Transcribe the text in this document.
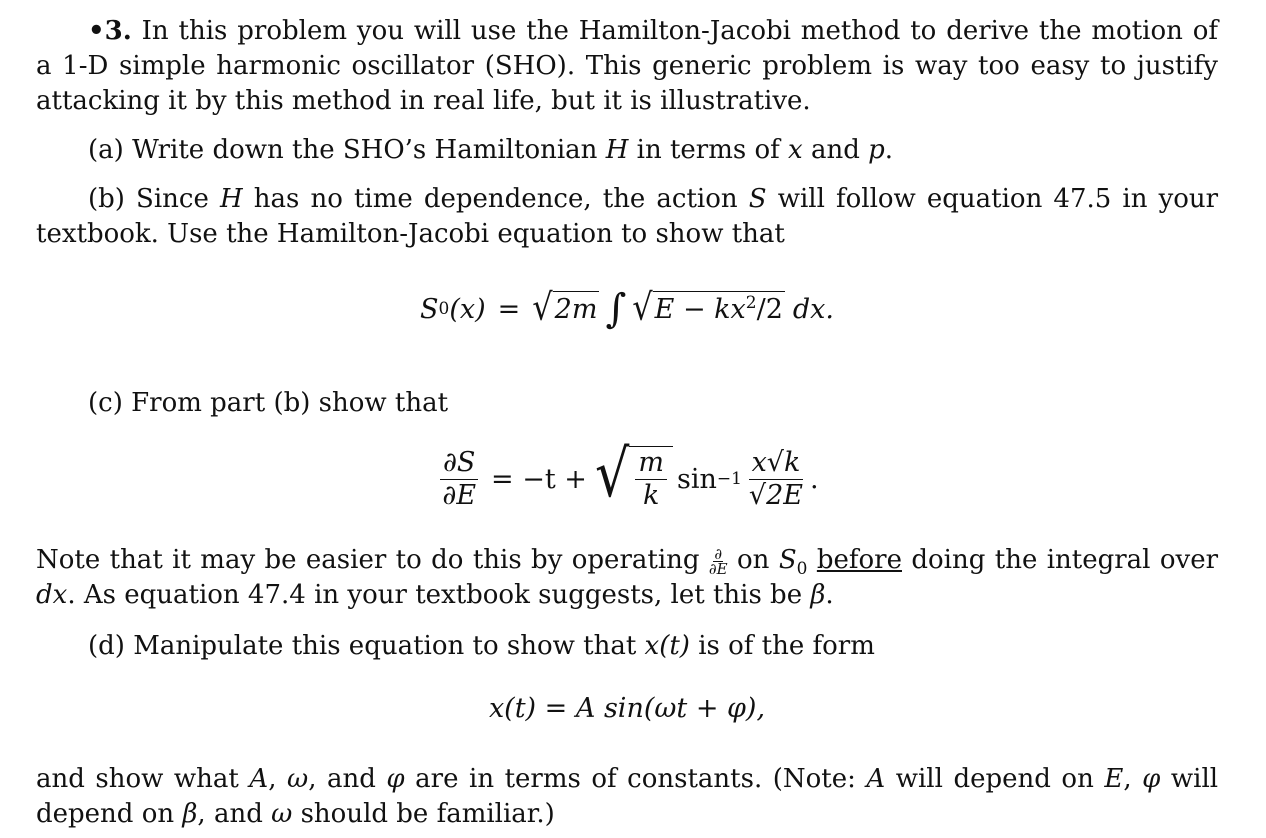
•3. In this problem you will use the Hamilton-Jacobi method to derive the motion of a 1-D simple harmonic oscillator (SHO). This generic problem is way too easy to justify attacking it by this method in real life, but it is illustrative.

(a) Write down the SHO’s Hamiltonian H in terms of x and p.

(b) Since H has no time dependence, the action S will follow equation 47.5 in your textbook. Use the Hamilton-Jacobi equation to show that

S 0 (x) = √ 2m ∫ √ $E - kx^2/2$ dx.

(c) From part (b) show that

$\frac{\partial S}{\partial E} = -t$ + √ $\frac{m}{k}$ $\sin -1 \frac{x√k}{√2E}$ .

Note that it may be easier to do this by operating $\frac{\partial}{\partial E}$ on $S_0$ before doing the integral over dx. As equation 47.4 in your textbook suggests, let this be β.

(d) Manipulate this equation to show that x(t) is of the form

x(t) = A sin(ωt + φ),

and show what A, ω, and φ are in terms of constants. (Note: A will depend on E, φ will depend on β, and ω should be familiar.)
